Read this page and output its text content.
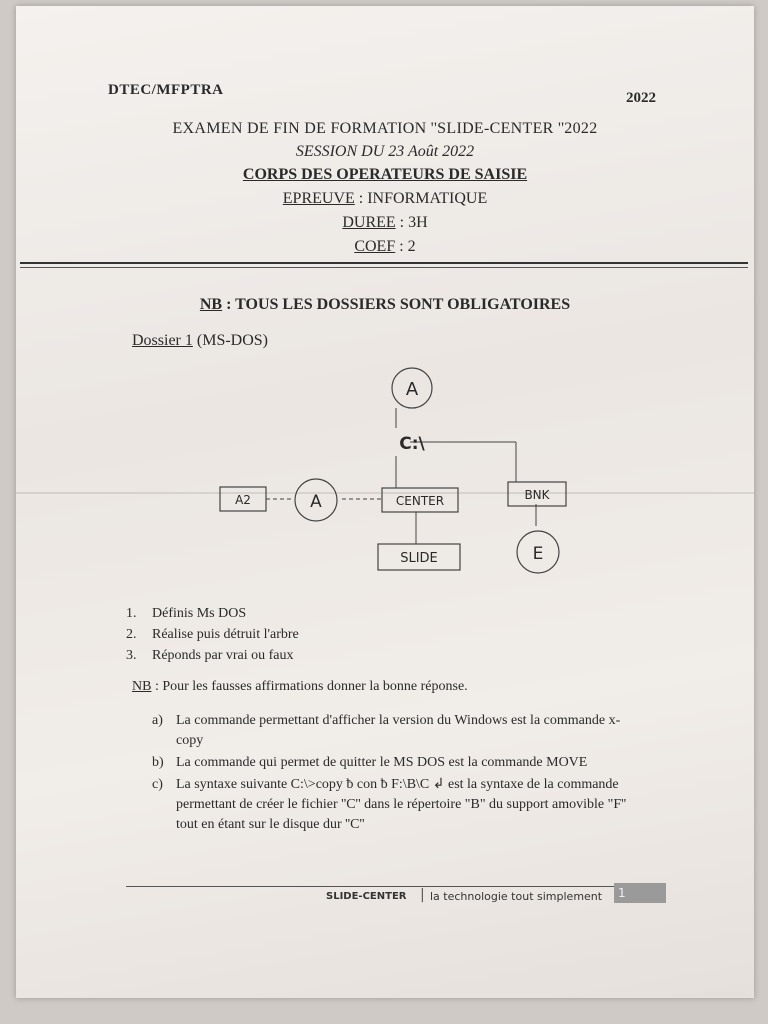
DTEC/MFPTRA	2022
EXAMEN DE FIN DE FORMATION ''SLIDE-CENTER ''2022
SESSION DU 23 Août 2022
CORPS DES OPERATEURS DE SAISIE
EPREUVE : INFORMATIQUE
DUREE : 3H
COEF : 2
NB : TOUS LES DOSSIERS SONT OBLIGATOIRES
Dossier 1 (MS-DOS)
A
C:\
A2	A	CENTER	BNK
SLIDE	E
1. Définis Ms DOS
2. Réalise puis détruit l'arbre
3. Réponds par vrai ou faux
NB : Pour les fausses affirmations donner la bonne réponse.
a) La commande permettant d'afficher la version du Windows est la commande x-copy
b) La commande qui permet de quitter le MS DOS est la commande MOVE
c) La syntaxe suivante C:\>copy ƀ con ƀ F:\B\C ↲ est la syntaxe de la commande permettant de créer le fichier ''C'' dans le répertoire "B" du support amovible "F'' tout en étant sur le disque dur ''C''
SLIDE-CENTER | la technologie tout simplement	1
